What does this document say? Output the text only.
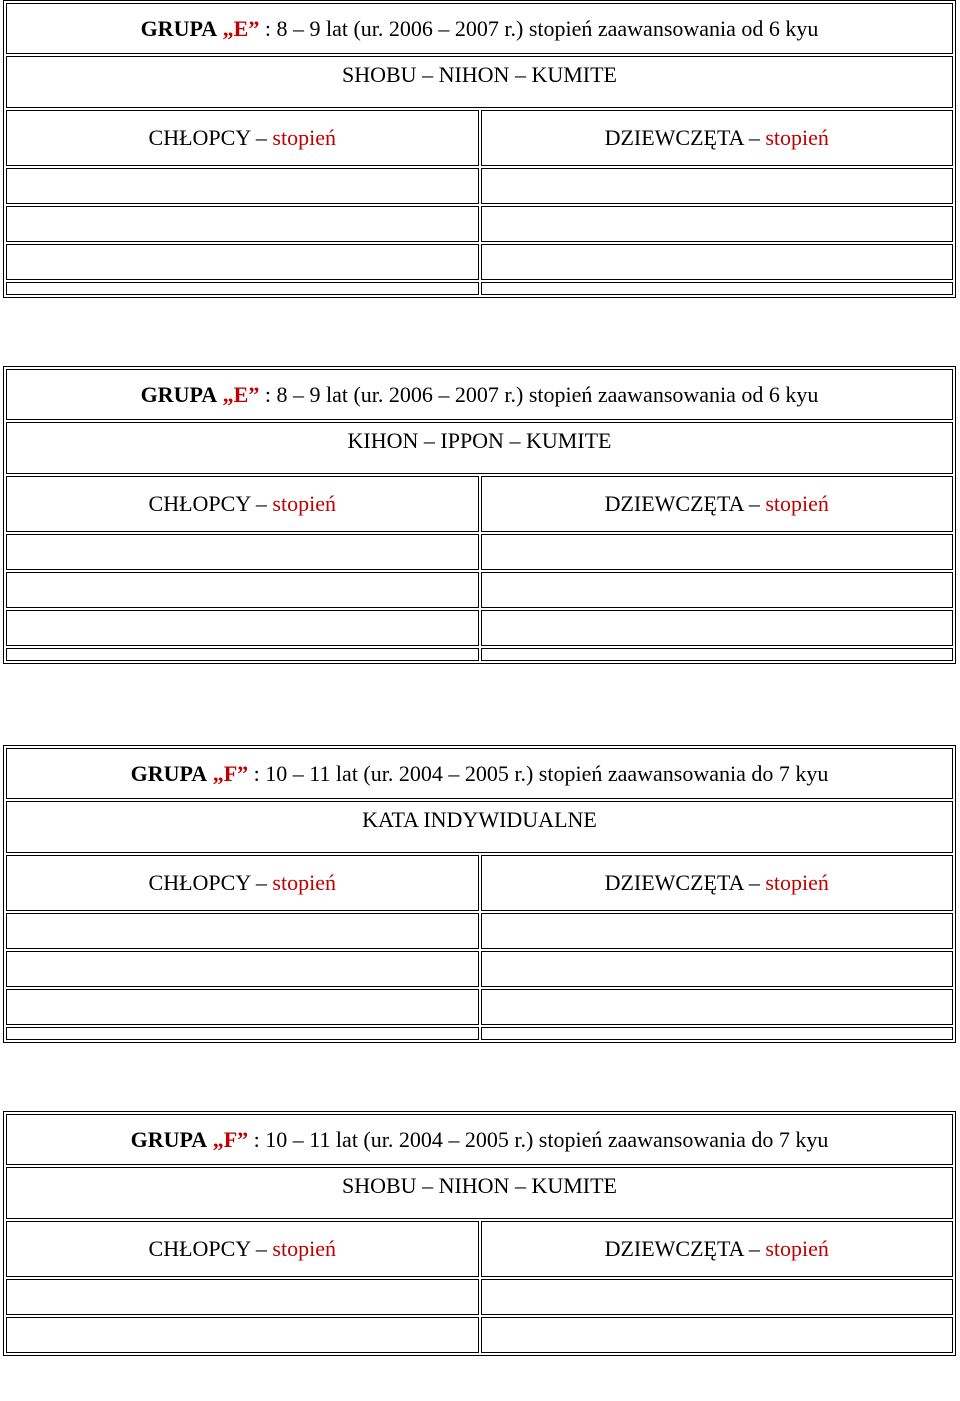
GRUPA „E” : 8 – 9 lat (ur. 2006 – 2007 r.) stopień zaawansowania od 6 kyu	
SHOBU – NIHON – KUMITE	
CHŁOPCY – stopień	DZIEWCZĘTA – stopień

GRUPA „E” : 8 – 9 lat (ur. 2006 – 2007 r.) stopień zaawansowania od 6 kyu	
KIHON – IPPON – KUMITE	
CHŁOPCY – stopień	DZIEWCZĘTA – stopień

GRUPA „F” : 10 – 11 lat (ur. 2004 – 2005 r.) stopień zaawansowania do 7 kyu	
KATA INDYWIDUALNE	
CHŁOPCY – stopień	DZIEWCZĘTA – stopień

GRUPA „F” : 10 – 11 lat (ur. 2004 – 2005 r.) stopień zaawansowania do 7 kyu	
SHOBU – NIHON – KUMITE	
CHŁOPCY – stopień	DZIEWCZĘTA – stopień
